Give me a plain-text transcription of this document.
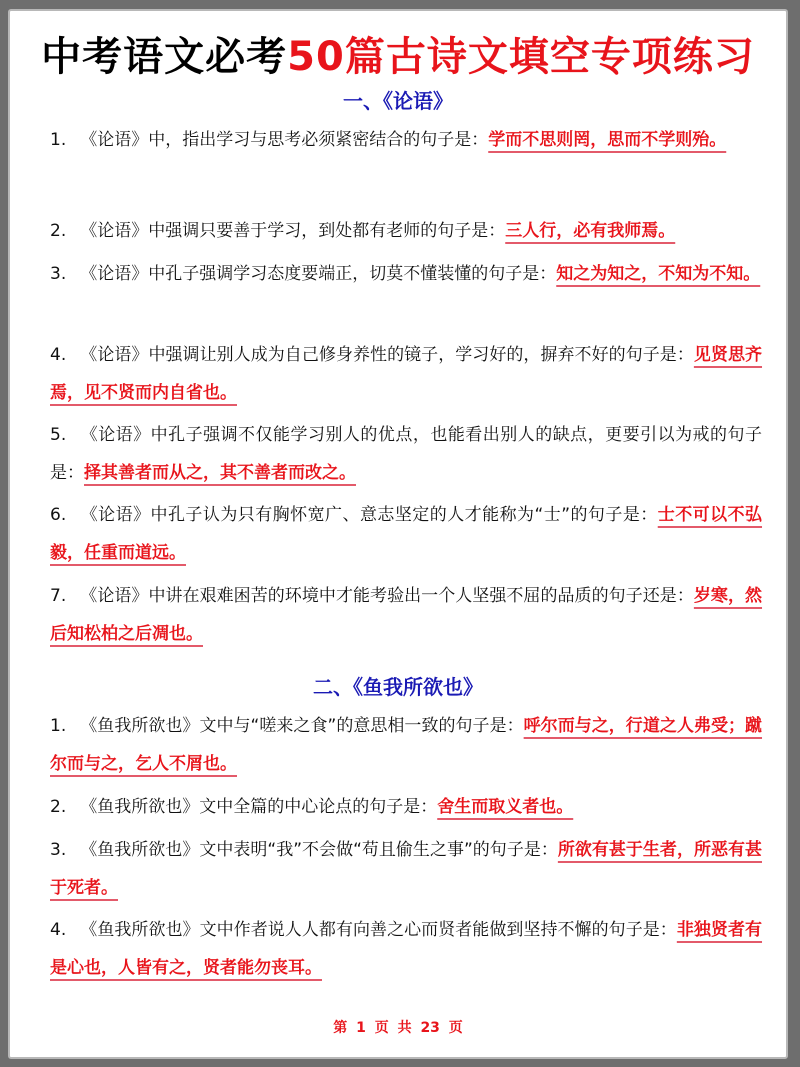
中考语文必考50篇古诗文填空专项练习
一、《论语》
1. 《论语》中，指出学习与思考必须紧密结合的句子是：学而不思则罔，思而不学则殆。
2. 《论语》中强调只要善于学习，到处都有老师的句子是：三人行，必有我师焉。
3. 《论语》中孔子强调学习态度要端正，切莫不懂装懂的句子是：知之为知之，不知为不知。
4. 《论语》中强调让别人成为自己修身养性的镜子，学习好的，摒弃不好的句子是：见贤思齐焉，见不贤而内自省也。
5. 《论语》中孔子强调不仅能学习别人的优点，也能看出别人的缺点，更要引以为戒的句子是：择其善者而从之，其不善者而改之。
6. 《论语》中孔子认为只有胸怀宽广、意志坚定的人才能称为“士”的句子是：士不可以不弘毅，任重而道远。
7. 《论语》中讲在艰难困苦的环境中才能考验出一个人坚强不屈的品质的句子还是：岁寒，然后知松柏之后凋也。
二、《鱼我所欲也》
1. 《鱼我所欲也》文中与“嗟来之食”的意思相一致的句子是：呼尔而与之，行道之人弗受；蹴尔而与之，乞人不屑也。
2. 《鱼我所欲也》文中全篇的中心论点的句子是：舍生而取义者也。
3. 《鱼我所欲也》文中表明“我”不会做“苟且偷生之事”的句子是：所欲有甚于生者，所恶有甚于死者。
4. 《鱼我所欲也》文中作者说人人都有向善之心而贤者能做到坚持不懈的句子是：非独贤者有是心也，人皆有之，贤者能勿丧耳。
第 1 页 共 23 页
